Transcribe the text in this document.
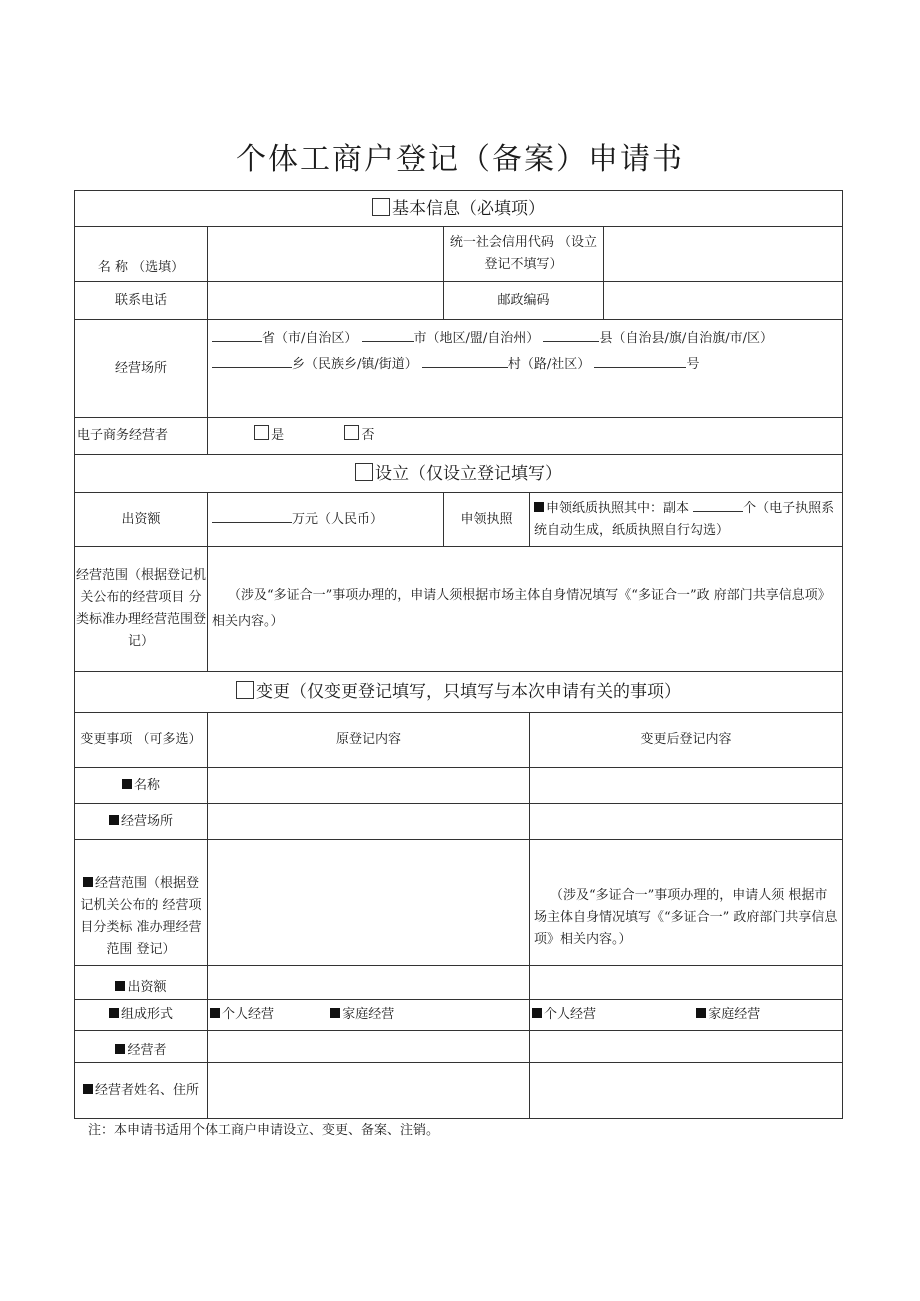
个体工商户登记（备案）申请书
基本信息（必填项）				
名 称 （选填）		统一社会信用代码 （设立登记不填写）		
联系电话		邮政编码		
经营场所	省（市/自治区） 市（地区/盟/自治州） 县（自治县/旗/自治旗/市/区） 乡（民族乡/镇/街道） 村（路/社区） 号			
电子商务经营者	是 否			
设立（仅设立登记填写）				
出资额	万元（人民币）	申领执照	申领纸质执照其中：副本 个（电子执照系统自动生成，纸质执照自行勾选）	
经营范围（根据登记机关公布的经营项目 分类标准办理经营范围登记）	（涉及“多证合一”事项办理的，申请人须根据市场主体自身情况填写《“多证合一”政 府部门共享信息项》相关内容。）			
变更（仅变更登记填写，只填写与本次申请有关的事项）				
变更事项 （可多选）	原登记内容		变更后登记内容	
名称				
经营场所				
经营范围（根据登记机关公布的 经营项目分类标 准办理经营范围 登记）			（涉及“多证合一”事项办理的，申请人须 根据市场主体自身情况填写《“多证合一” 政府部门共享信息项》相关内容。）	
出资额				
组成形式	个人经营 家庭经营		个人经营 家庭经营	
经营者				
经营者姓名、住所				
注：本申请书适用个体工商户申请设立、变更、备案、注销。
